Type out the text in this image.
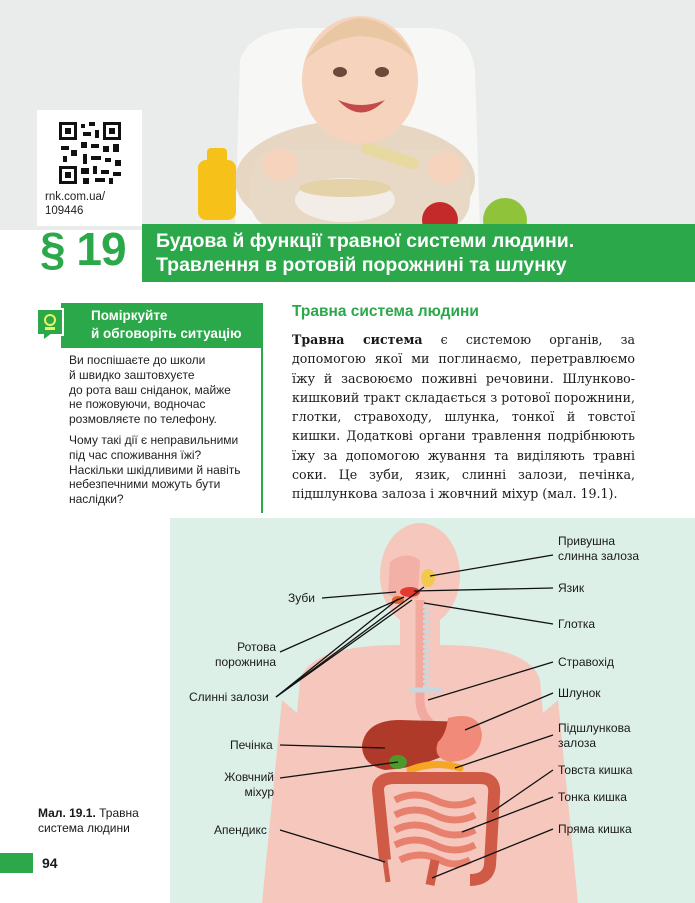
rnk.com.ua/
109446
§ 19 Будова й функції травної системи людини.
Травлення в ротовій порожнині та шлунку
Поміркуйте
й обговоріть ситуацію
Ви поспішаєте до школи
й швидко заштовхуєте
до рота ваш сніданок, майже
не пожовуючи, водночас
розмовляєте по телефону.
Чому такі дії є неправильними
під час споживання їжі?
Наскільки шкідливими й навіть
небезпечними можуть бути
наслідки?
Травна система людини
Травна система є системою органів, за допомогою якої ми поглинаємо, перетравлюємо їжу й засвоюємо поживні речовини. Шлунково-кишковий тракт складається з ротової порожнини, глотки, стравоходу, шлунка, тонкої й товстої кишки. Додаткові органи травлення подрібнюють їжу за допомогою жування та виділяють травні соки. Це зуби, язик, слинні залози, печінка, підшлункова залоза і жовчний міхур (мал. 19.1).
Зуби
Ротова
порожнина
Слинні залози
Печінка
Жовчний
міхур
Апендикс
Привушна
слинна залоза
Язик
Глотка
Стравохід
Шлунок
Підшлункова
залоза
Товста кишка
Тонка кишка
Пряма кишка
Мал. 19.1. Травна система людини
94
